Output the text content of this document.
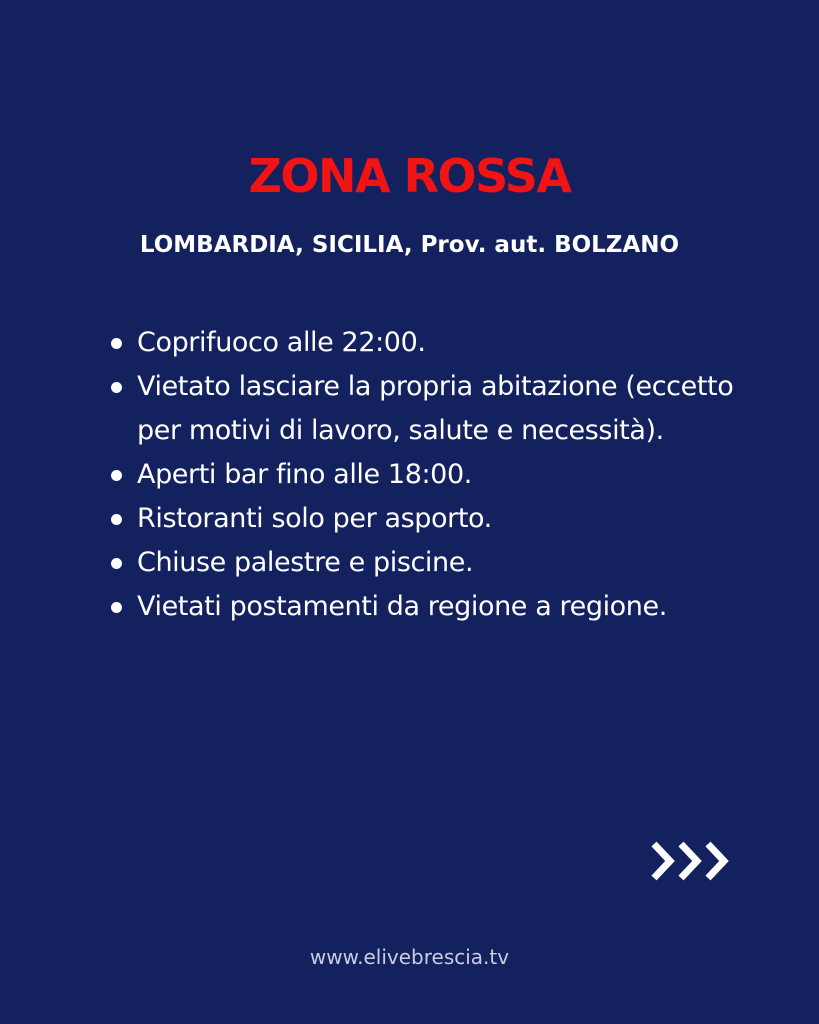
ZONA ROSSA
LOMBARDIA, SICILIA, Prov. aut. BOLZANO
Coprifuoco alle 22:00.
Vietato lasciare la propria abitazione (eccetto per motivi di lavoro, salute e necessità).
Aperti bar fino alle 18:00.
Ristoranti solo per asporto.
Chiuse palestre e piscine.
Vietati postamenti da regione a regione.

www.elivebrescia.tv
